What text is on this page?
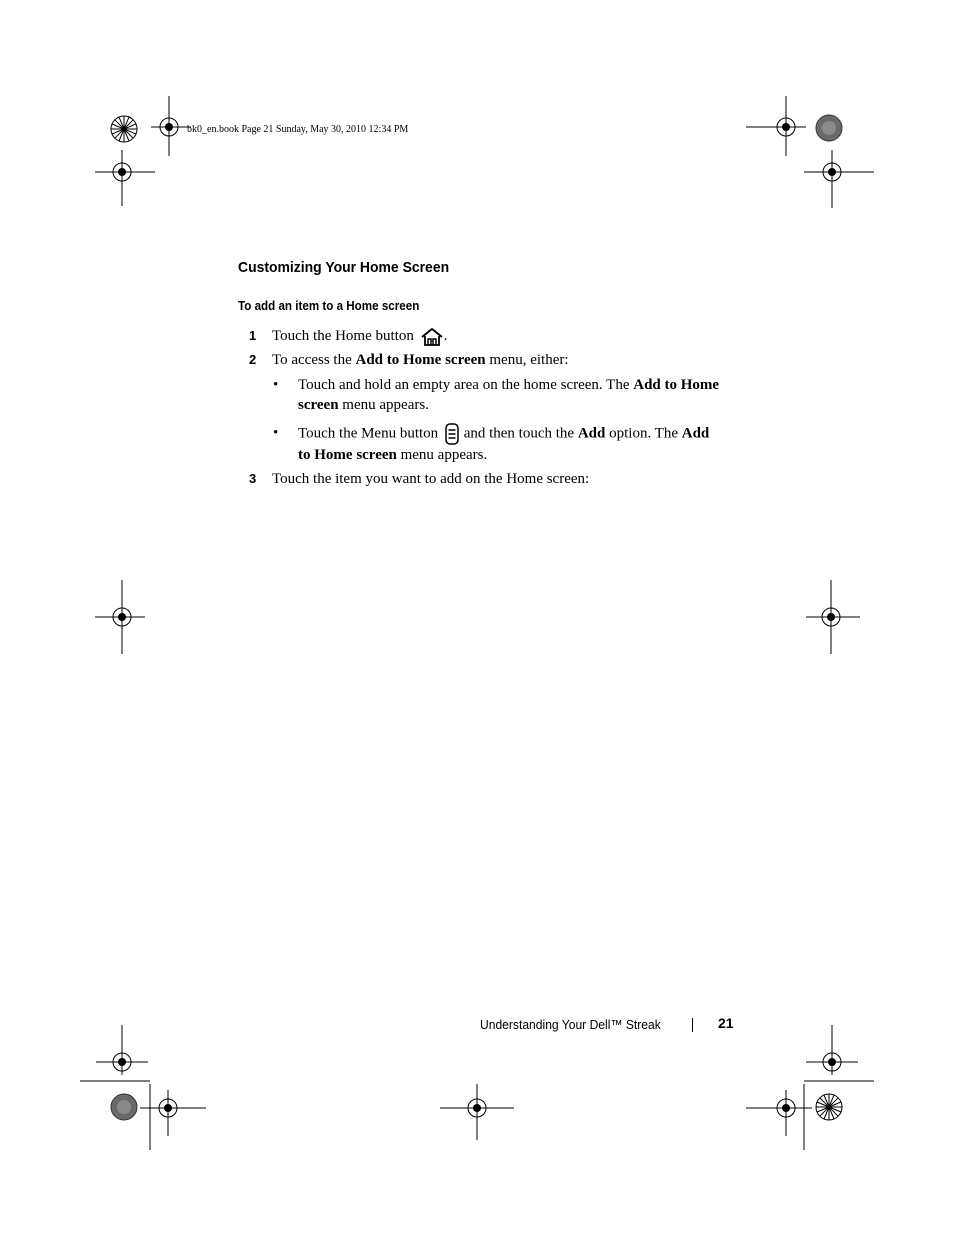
bk0_en.book Page 21 Sunday, May 30, 2010 12:34 PM
Customizing Your Home Screen
To add an item to a Home screen
1 Touch the Home button .
2 To access the Add to Home screen menu, either:
• Touch and hold an empty area on the home screen. The Add to Home
screen menu appears.
• Touch the Menu button  and then touch the Add option. The Add
to Home screen menu appears.
3 Touch the item you want to add on the Home screen:
Understanding Your Dell™ Streak	21
